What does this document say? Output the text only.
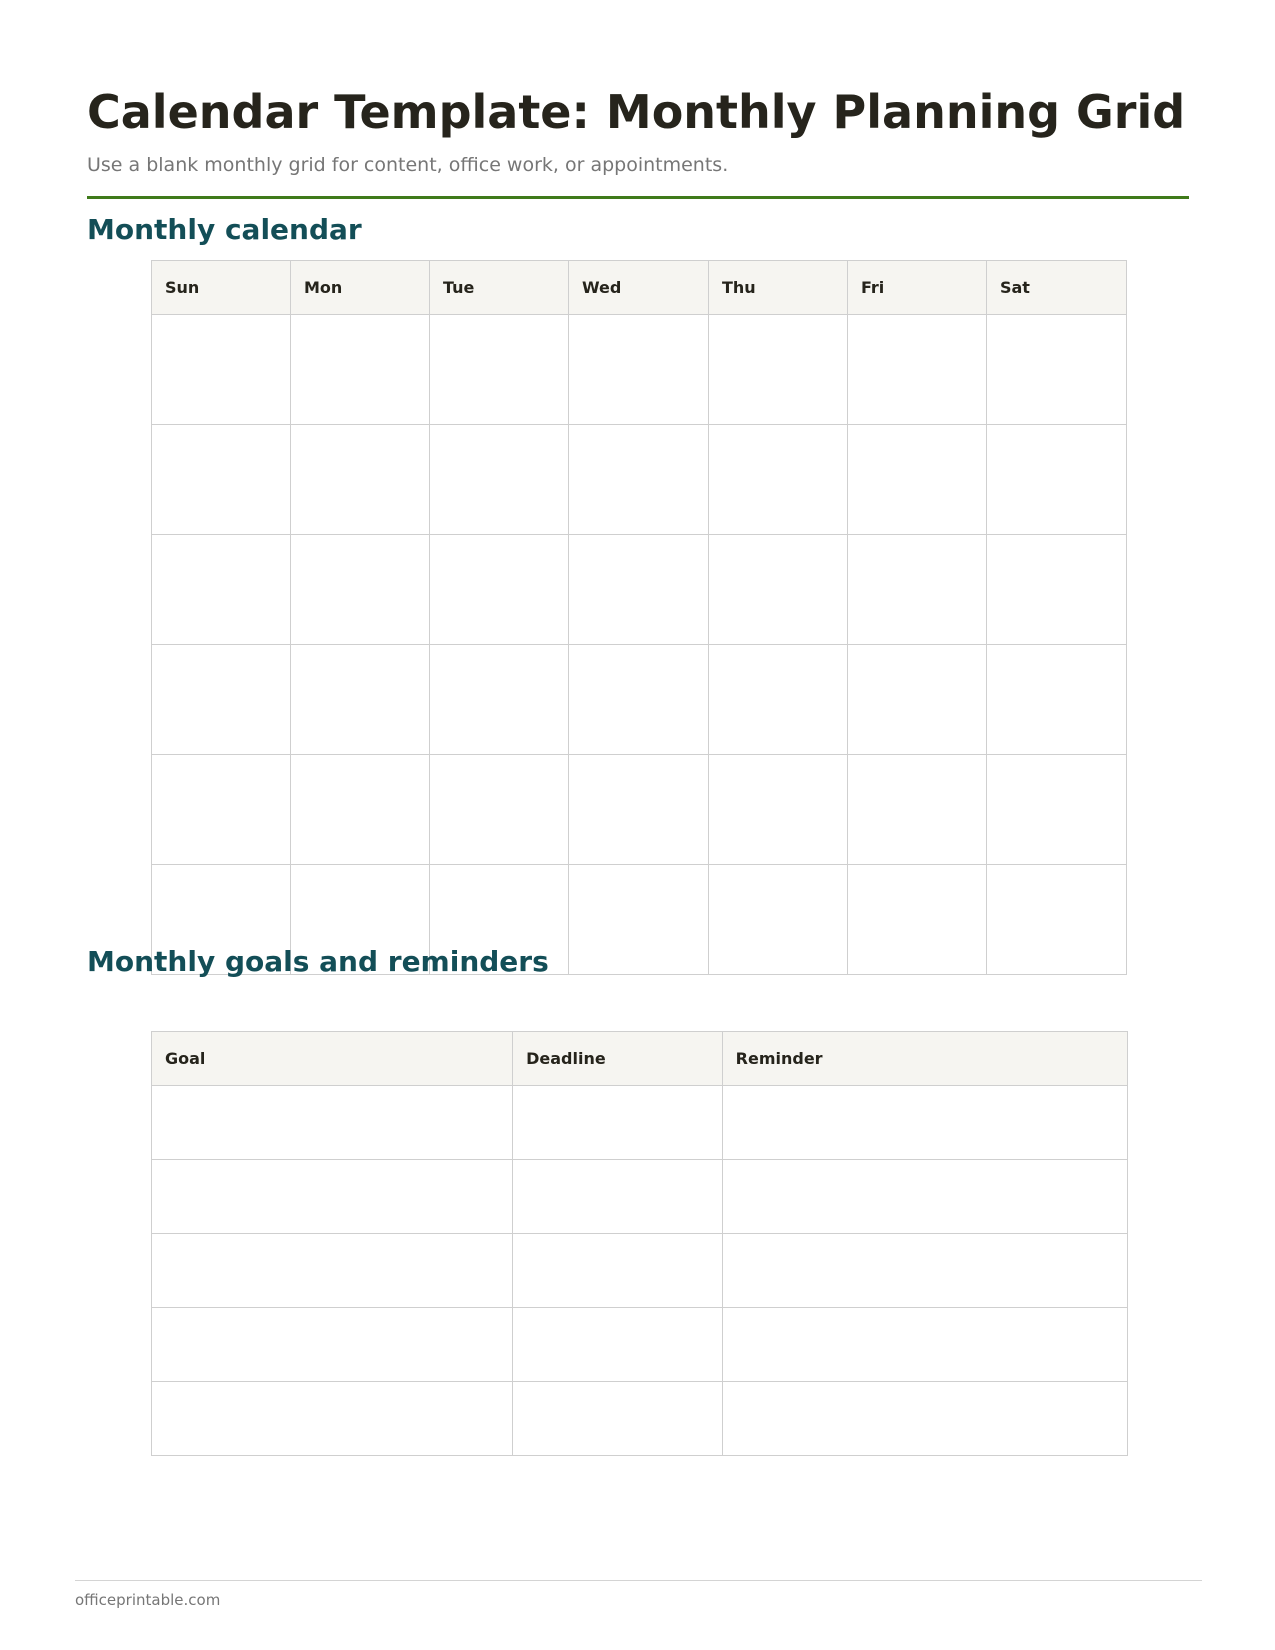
Calendar Template: Monthly Planning Grid

Use a blank monthly grid for content, office work, or appointments.

Monthly calendar
Sun	Mon	Tue	Wed	Thu	Fri	Sat

Monthly goals and reminders
Goal	Deadline	Reminder

officeprintable.com
